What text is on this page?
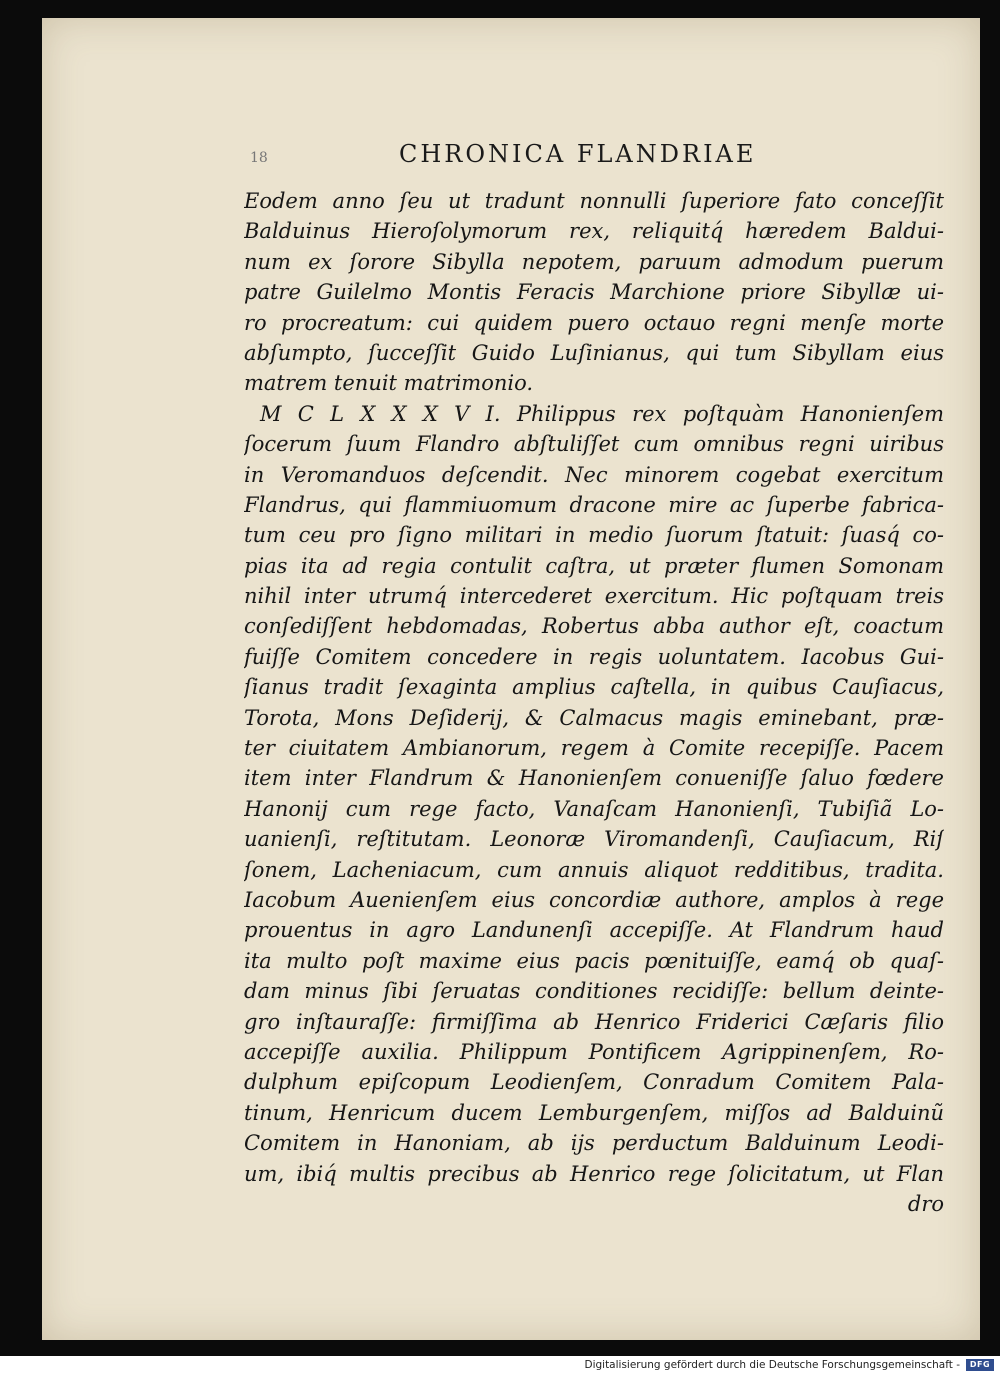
18	CHRONICA FLANDRIAE
Eodem anno ſeu ut tradunt nonnulli ſuperiore fato conceſſit
Balduinus Hieroſolymorum rex, reliquitq́ hæredem Baldui-
num ex ſorore Sibylla nepotem, paruum admodum puerum
patre Guilelmo Montis Feracis Marchione priore Sibyllæ ui-
ro procreatum: cui quidem puero octauo regni menſe morte
abſumpto, ſucceſſit Guido Luſinianus, qui tum Sibyllam eius
matrem tenuit matrimonio.
M C L X X X V I. Philippus rex poſtquàm Hanonienſem
ſocerum ſuum Flandro abſtuliſſet cum omnibus regni uiribus
in Veromanduos deſcendit. Nec minorem cogebat exercitum
Flandrus, qui flammiuomum dracone mire ac ſuperbe fabrica-
tum ceu pro ſigno militari in medio ſuorum ſtatuit: ſuasq́ co-
pias ita ad regia contulit caſtra, ut præter flumen Somonam
nihil inter utrumq́ intercederet exercitum. Hic poſtquam treis
conſediſſent hebdomadas, Robertus abba author eſt, coactum
fuiſſe Comitem concedere in regis uoluntatem. Iacobus Gui-
ſianus tradit ſexaginta amplius caſtella, in quibus Cauſiacus,
Torota, Mons Deſiderij, & Calmacus magis eminebant, præ-
ter ciuitatem Ambianorum, regem à Comite recepiſſe. Pacem
item inter Flandrum & Hanonienſem conueniſſe ſaluo fœdere
Hanonij cum rege facto, Vanaſcam Hanonienſi, Tubiſiã Lo-
uanienſi, reſtitutam. Leonoræ Viromandenſi, Cauſiacum, Riſ
ſonem, Lacheniacum, cum annuis aliquot redditibus, tradita.
Iacobum Auenienſem eius concordiæ authore, amplos à rege
prouentus in agro Landunenſi accepiſſe. At Flandrum haud
ita multo poſt maxime eius pacis pœnituiſſe, eamq́ ob quaſ-
dam minus ſibi ſeruatas conditiones recidiſſe: bellum deinte-
gro inſtauraſſe: firmiſſima ab Henrico Friderici Cæſaris filio
accepiſſe auxilia. Philippum Pontificem Agrippinenſem, Ro-
dulphum epiſcopum Leodienſem, Conradum Comitem Pala-
tinum, Henricum ducem Lemburgenſem, miſſos ad Balduinũ
Comitem in Hanoniam, ab ijs perductum Balduinum Leodi-
um, ibiq́ multis precibus ab Henrico rege ſolicitatum, ut Flan
dro
Digitalisierung gefördert durch die Deutsche Forschungsgemeinschaft -	DFG
